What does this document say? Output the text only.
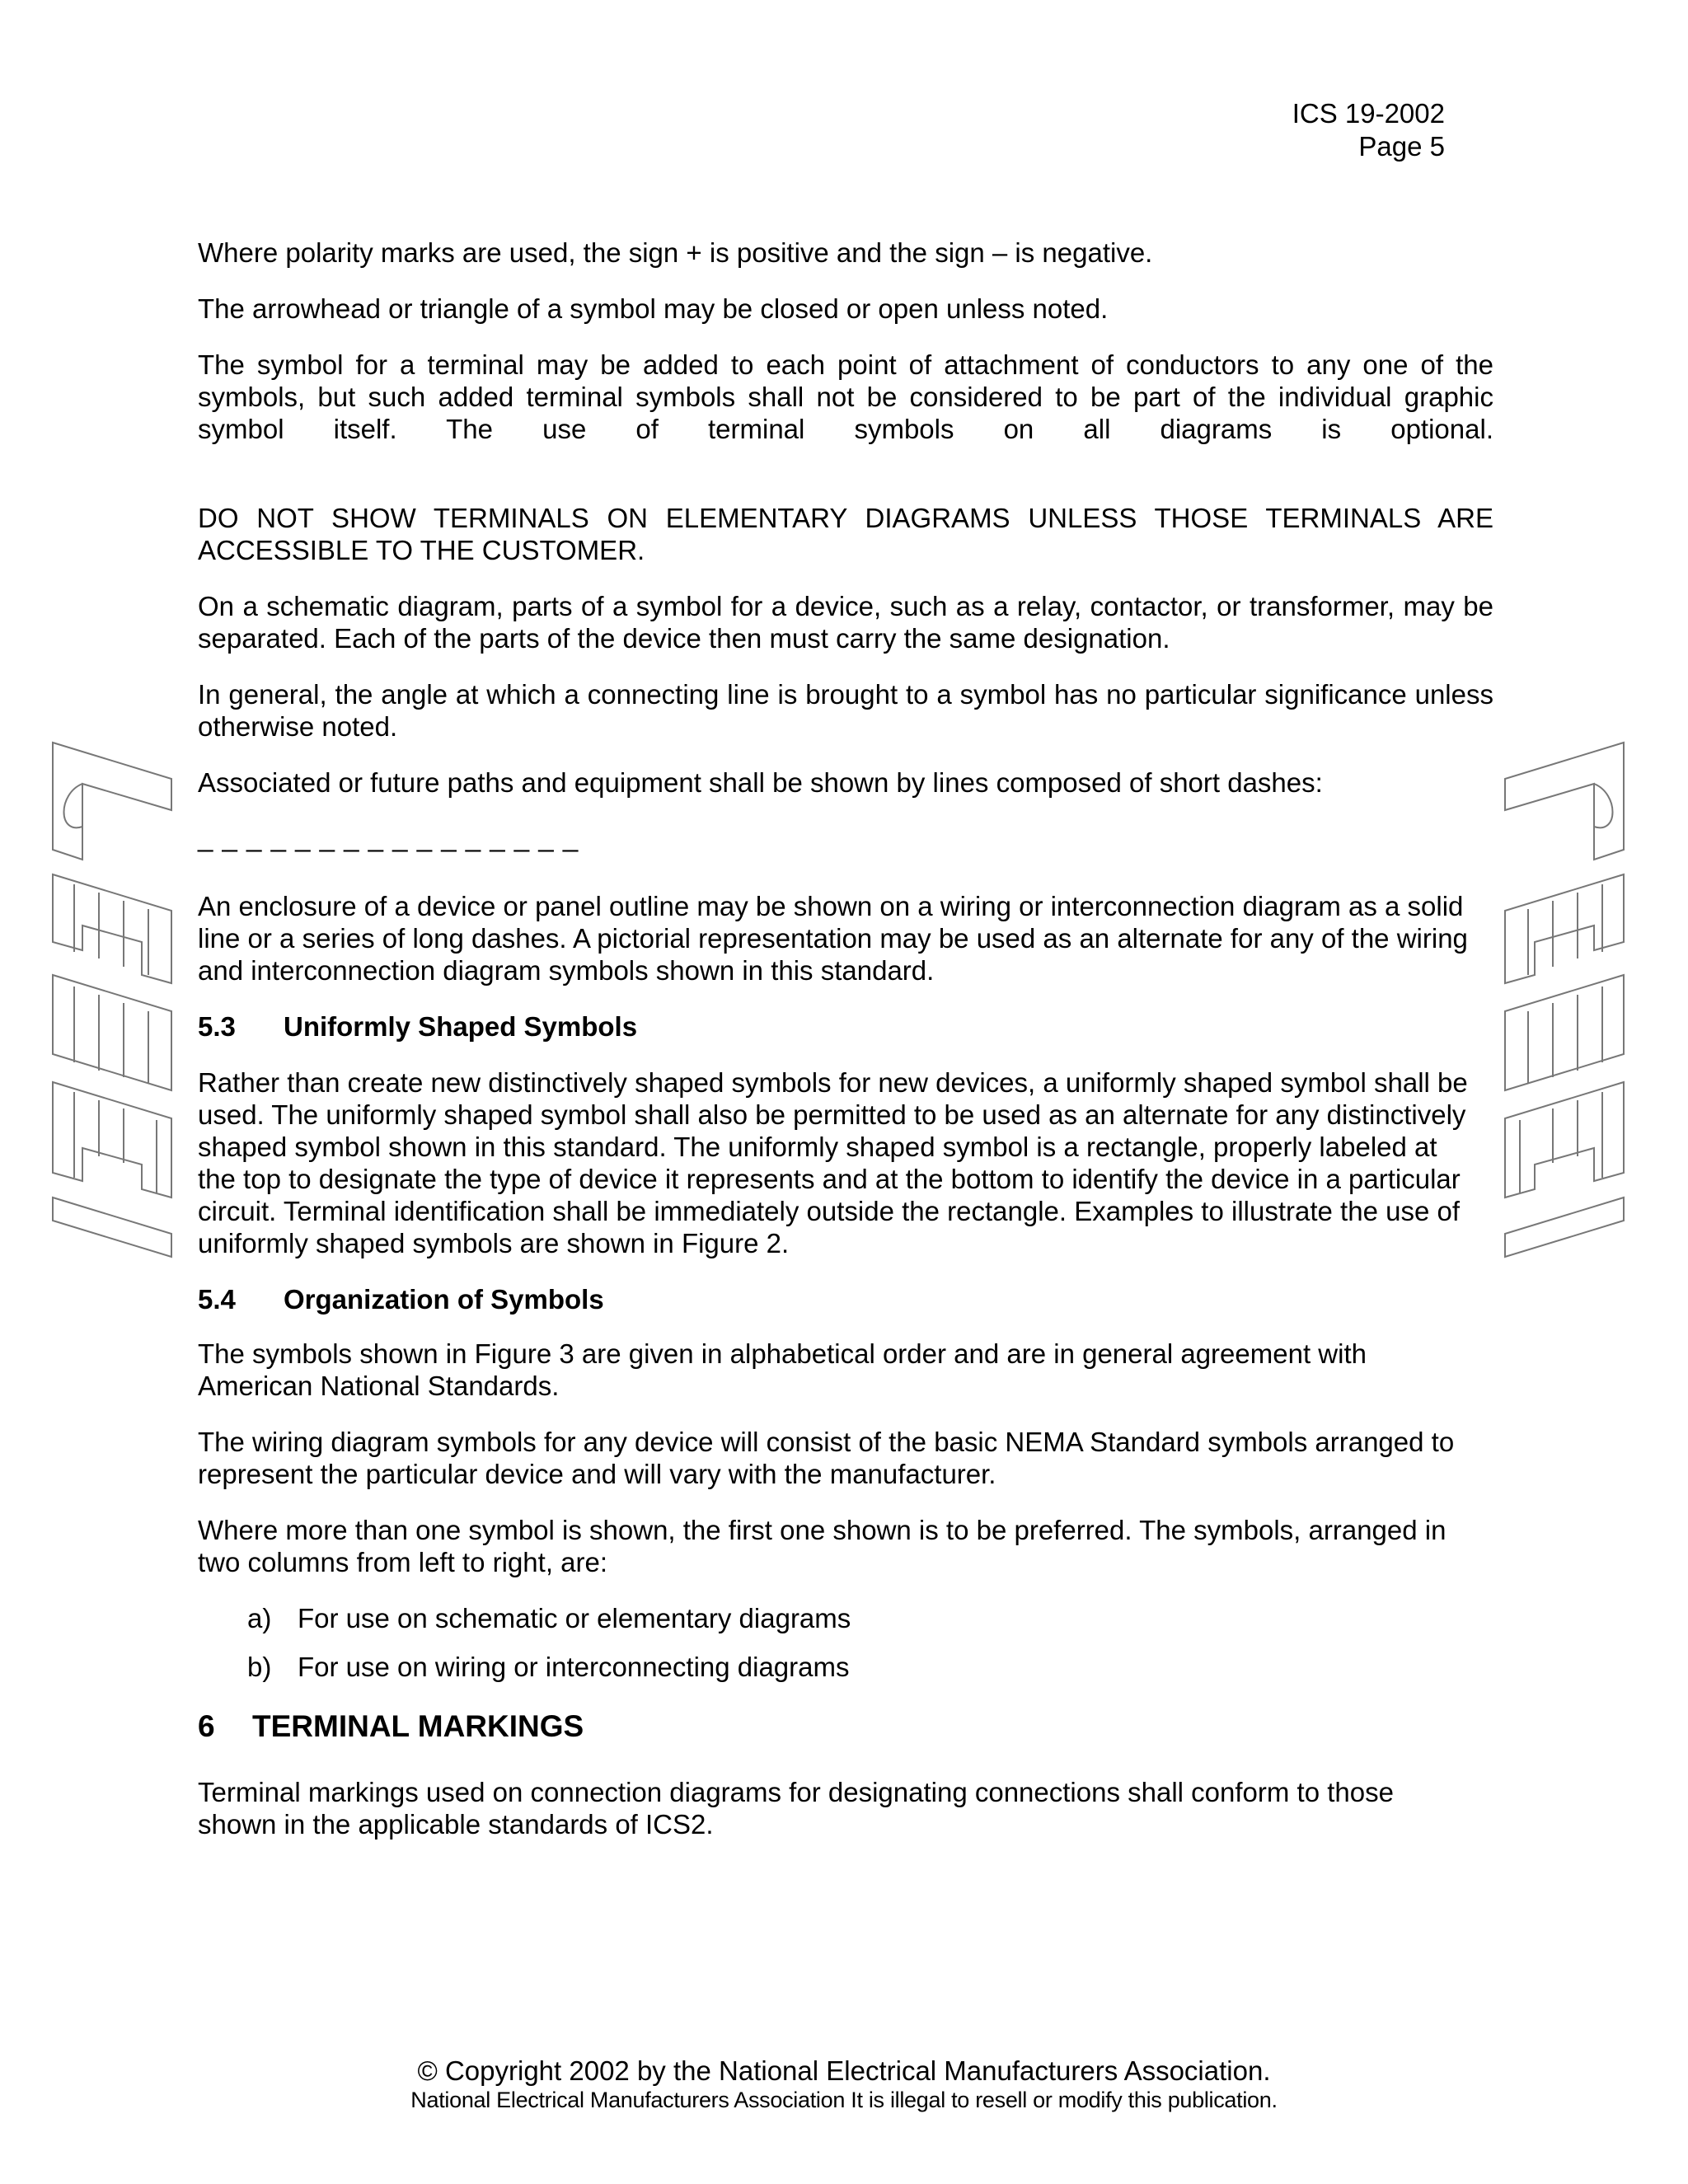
ICS 19-2002
Page 5

Where polarity marks are used, the sign + is positive and the sign – is negative.

The arrowhead or triangle of a symbol may be closed or open unless noted.

The symbol for a terminal may be added to each point of attachment of conductors to any one of the symbols, but such added terminal symbols shall not be considered to be part of the individual graphic symbol itself. The use of terminal symbols on all diagrams is optional.

DO NOT SHOW TERMINALS ON ELEMENTARY DIAGRAMS UNLESS THOSE TERMINALS ARE ACCESSIBLE TO THE CUSTOMER.

On a schematic diagram, parts of a symbol for a device, such as a relay, contactor, or transformer, may be separated. Each of the parts of the device then must carry the same designation.

In general, the angle at which a connecting line is brought to a symbol has no particular significance unless otherwise noted.

Associated or future paths and equipment shall be shown by lines composed of short dashes:

_ _ _ _ _ _ _ _ _ _ _ _ _ _ _ _

An enclosure of a device or panel outline may be shown on a wiring or interconnection diagram as a solid line or a series of long dashes. A pictorial representation may be used as an alternate for any of the wiring and interconnection diagram symbols shown in this standard.

5.3 Uniformly Shaped Symbols

Rather than create new distinctively shaped symbols for new devices, a uniformly shaped symbol shall be used. The uniformly shaped symbol shall also be permitted to be used as an alternate for any distinctively shaped symbol shown in this standard. The uniformly shaped symbol is a rectangle, properly labeled at the top to designate the type of device it represents and at the bottom to identify the device in a particular circuit. Terminal identification shall be immediately outside the rectangle. Examples to illustrate the use of uniformly shaped symbols are shown in Figure 2.

5.4 Organization of Symbols

The symbols shown in Figure 3 are given in alphabetical order and are in general agreement with American National Standards.

The wiring diagram symbols for any device will consist of the basic NEMA Standard symbols arranged to represent the particular device and will vary with the manufacturer.

Where more than one symbol is shown, the first one shown is to be preferred. The symbols, arranged in two columns from left to right, are:

a) For use on schematic or elementary diagrams

b) For use on wiring or interconnecting diagrams

6 TERMINAL MARKINGS

Terminal markings used on connection diagrams for designating connections shall conform to those shown in the applicable standards of ICS2.

© Copyright 2002 by the National Electrical Manufacturers Association.
National Electrical Manufacturers Association It is illegal to resell or modify this publication.
